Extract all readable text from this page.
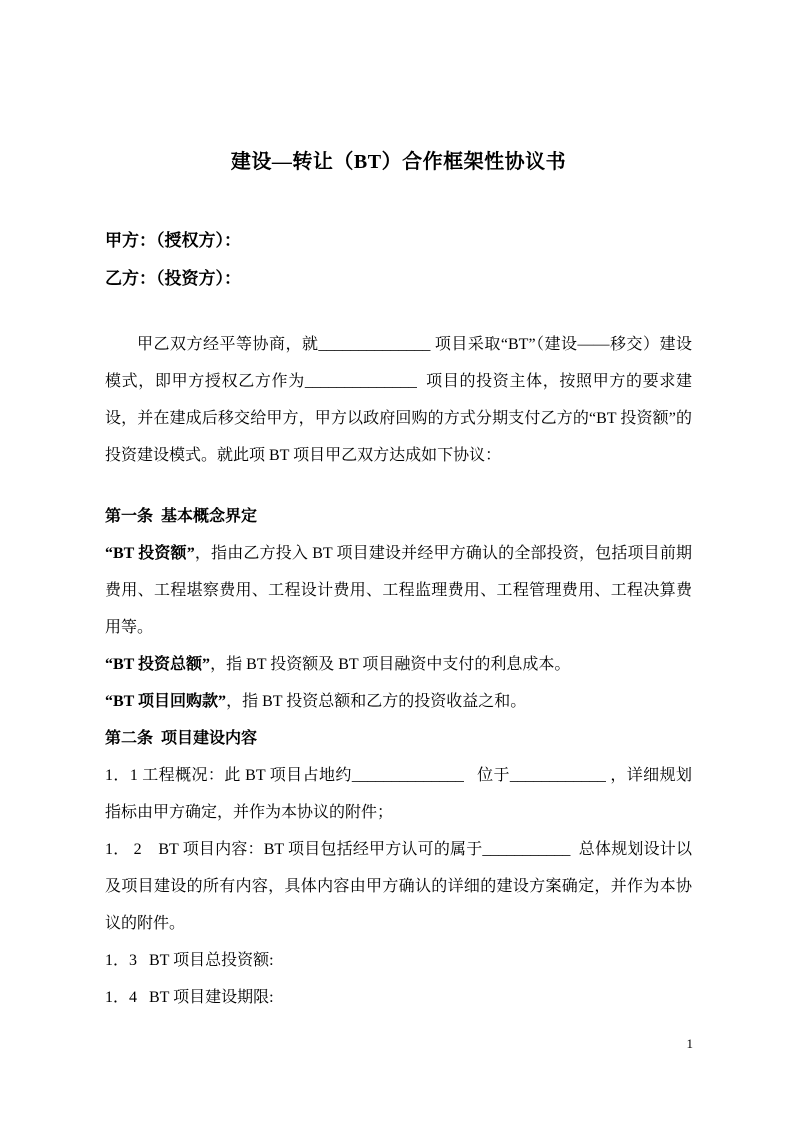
建设—转让（BT）合作框架性协议书

甲方：（授权方）：

乙方：（投资方）：

甲乙双方经平等协商，就______________ 项目采取“BT”（建设——移交）建设模式，即甲方授权乙方作为______________  项目的投资主体，按照甲方的要求建设，并在建成后移交给甲方，甲方以政府回购的方式分期支付乙方的“BT 投资额”的投资建设模式。就此项 BT 项目甲乙双方达成如下协议：

第一条  基本概念界定

“BT 投资额”，指由乙方投入 BT 项目建设并经甲方确认的全部投资，包括项目前期费用、工程堪察费用、工程设计费用、工程监理费用、工程管理费用、工程决算费用等。

“BT 投资总额”，指 BT 投资额及 BT 项目融资中支付的利息成本。

“BT 项目回购款”，指 BT 投资总额和乙方的投资收益之和。

第二条  项目建设内容

1．1 工程概况：此 BT 项目占地约______________   位于____________ ，详细规划指标由甲方确定，并作为本协议的附件；

1． 2    BT 项目内容：BT 项目包括经甲方认可的属于___________  总体规划设计以及项目建设的所有内容，具体内容由甲方确认的详细的建设方案确定，并作为本协议的附件。

1．3   BT 项目总投资额:

1．4   BT 项目建设期限:

1
